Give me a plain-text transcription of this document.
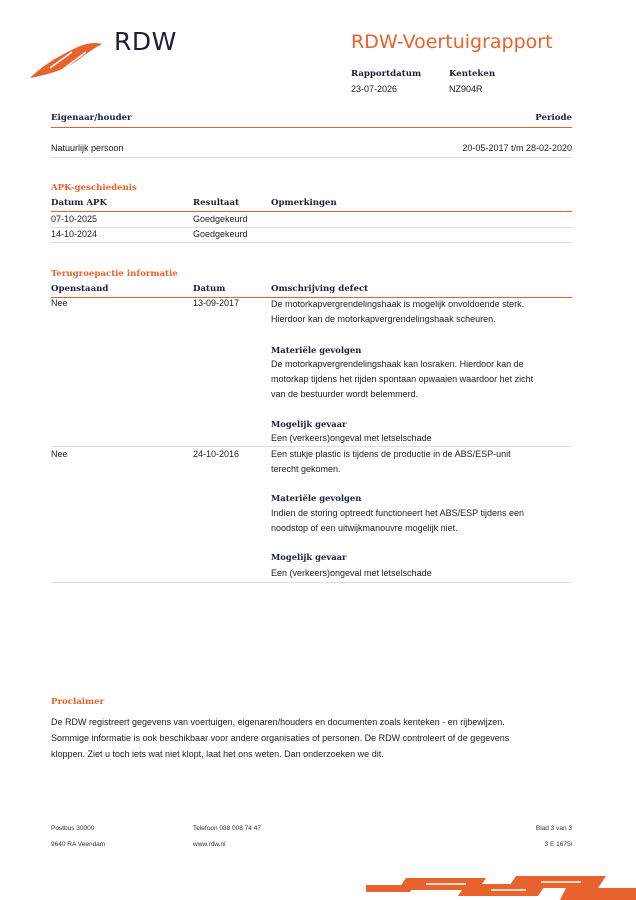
RDW	RDW-Voertuigrapport
Rapportdatum
23-07-2026
Kenteken
NZ904R
Eigenaar/houder	Periode
Natuurlijk persoon	20-05-2017 t/m 28-02-2020
APK-geschiedenis
Datum APK	Resultaat	Opmerkingen
07-10-2025	Goedgekeurd
14-10-2024	Goedgekeurd
Terugroepactie informatie
Openstaand	Datum	Omschrijving defect
Nee	13-09-2017	De motorkapvergrendelingshaak is mogelijk onvoldoende sterk.
Hierdoor kan de motorkapvergrendelingshaak scheuren.
Materiële gevolgen
De motorkapvergrendelingshaak kan losraken. Hierdoor kan de
motorkap tijdens het rijden spontaan opwaaien waardoor het zicht
van de bestuurder wordt belemmerd.
Mogelijk gevaar
Een (verkeers)ongeval met letselschade
Nee	24-10-2016	Een stukje plastic is tijdens de productie in de ABS/ESP-unit
terecht gekomen.
Materiële gevolgen
Indien de storing optreedt functioneert het ABS/ESP tijdens een
noodstop of een uitwijkmanouvre mogelijk niet.
Mogelijk gevaar
Een (verkeers)ongeval met letselschade
Proclaimer
De RDW registreert gegevens van voertuigen, eigenaren/houders en documenten zoals kenteken - en rijbewijzen.
Sommige informatie is ook beschikbaar voor andere organisaties of personen. De RDW controleert of de gegevens
kloppen. Ziet u toch iets wat niet klopt, laat het ons weten. Dan onderzoeken we dit.
Postbus 30000
9640 RA Veendam
Telefoon 088 008 74 47
www.rdw.nl
Blad 3 van 3
3 E 1675l
